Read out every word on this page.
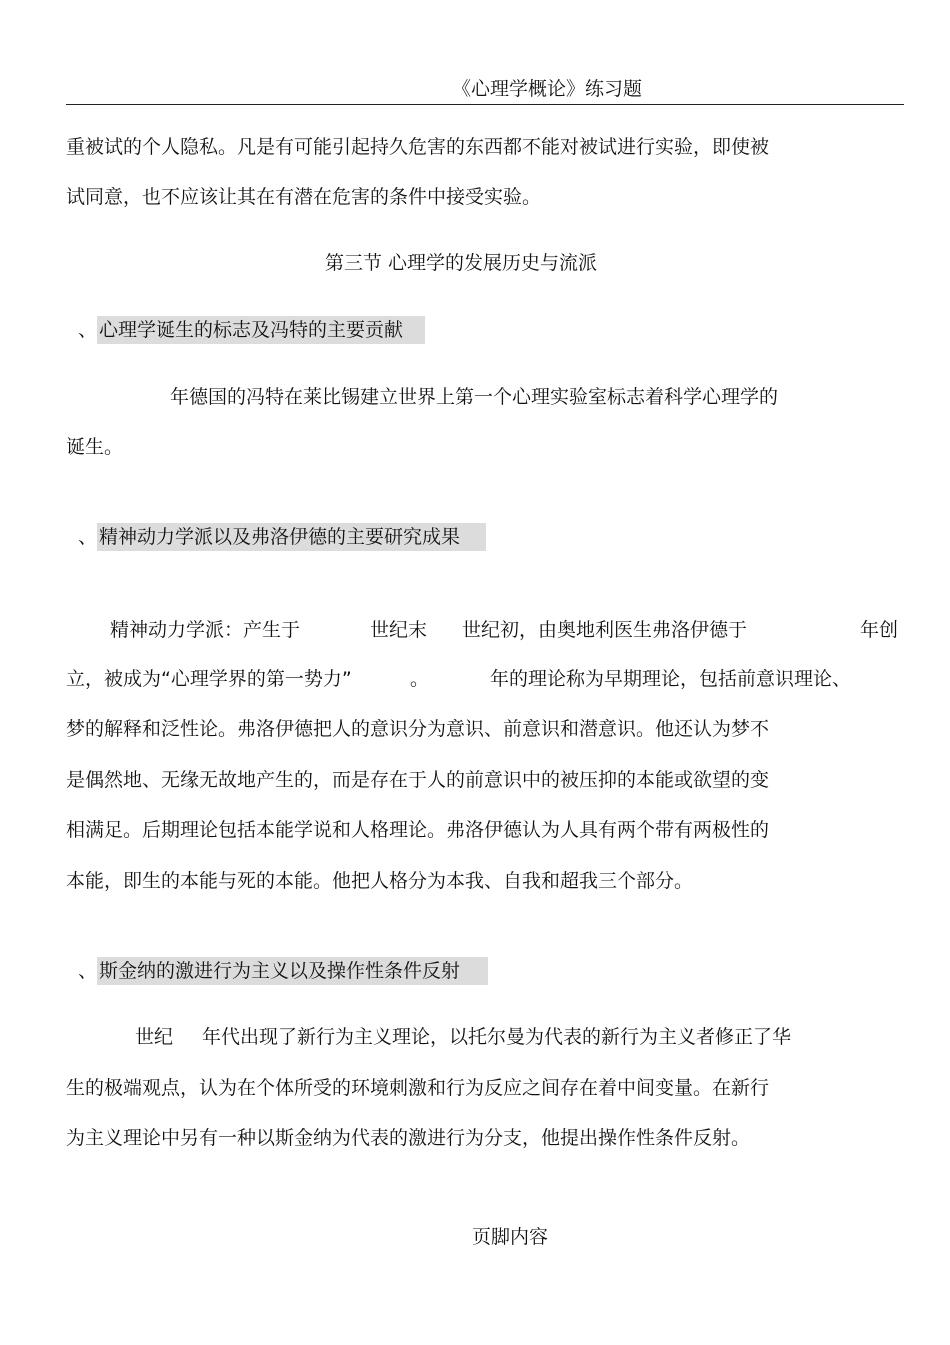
《心理学概论》练习题
重被试的个人隐私。凡是有可能引起持久危害的东西都不能对被试进行实验，即使被
试同意，也不应该让其在有潜在危害的条件中接受实验。
第三节 心理学的发展历史与流派
、 心理学诞生的标志及冯特的主要贡献
年德国的冯特在莱比锡建立世界上第一个心理实验室标志着科学心理学的
诞生。
、 精神动力学派以及弗洛伊德的主要研究成果
精神动力学派：产生于	世纪末 世纪初，由奥地利医生弗洛伊德于	年创
立，被成为“心理学界的第一势力”	。	年的理论称为早期理论，包括前意识理论、
梦的解释和泛性论。弗洛伊德把人的意识分为意识、前意识和潜意识。他还认为梦不
是偶然地、无缘无故地产生的，而是存在于人的前意识中的被压抑的本能或欲望的变
相满足。后期理论包括本能学说和人格理论。弗洛伊德认为人具有两个带有两极性的
本能，即生的本能与死的本能。他把人格分为本我、自我和超我三个部分。
、 斯金纳的激进行为主义以及操作性条件反射
世纪 年代出现了新行为主义理论，以托尔曼为代表的新行为主义者修正了华
生的极端观点，认为在个体所受的环境刺激和行为反应之间存在着中间变量。在新行
为主义理论中另有一种以斯金纳为代表的激进行为分支，他提出操作性条件反射。
页脚内容
